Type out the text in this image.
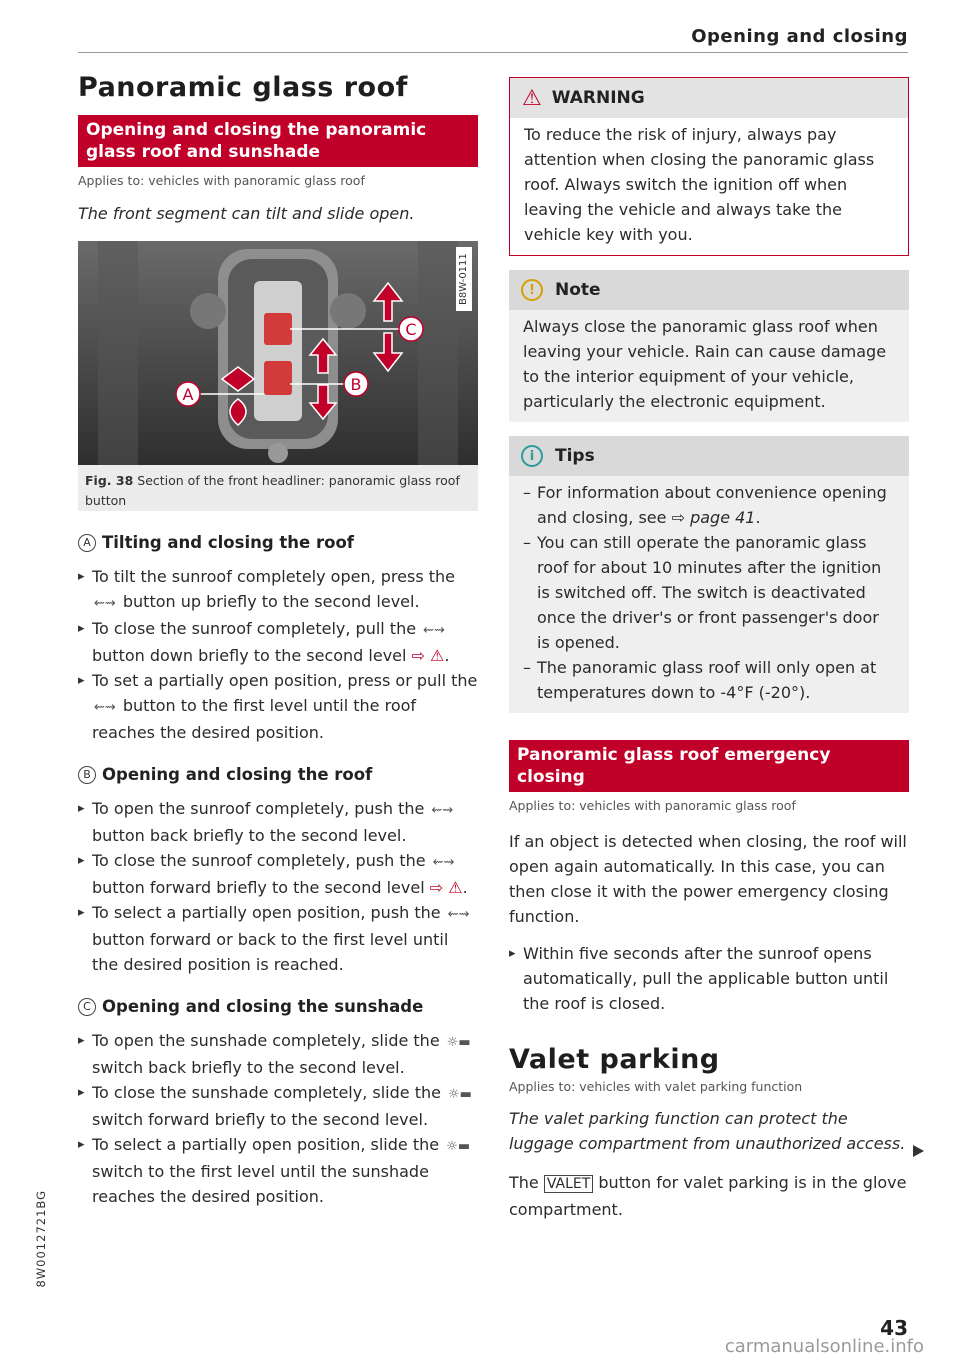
Opening and closing
Panoramic glass roof
Opening and closing the panoramic glass roof and sunshade
Applies to: vehicles with panoramic glass roof
The front segment can tilt and slide open.
C
B
A
B8W-0111
Fig. 38 Section of the front headliner: panoramic glass roof button
A Tilting and closing the roof
▸ To tilt the sunroof completely open, press the ⇜⇝ button up briefly to the second level.
▸ To close the sunroof completely, pull the ⇜⇝ button down briefly to the second level ⇨ ⚠.
▸ To set a partially open position, press or pull the ⇜⇝ button to the first level until the roof reaches the desired position.
B Opening and closing the roof
▸ To open the sunroof completely, push the ⇜⇝ button back briefly to the second level.
▸ To close the sunroof completely, push the ⇜⇝ button forward briefly to the second level ⇨ ⚠.
▸ To select a partially open position, push the ⇜⇝ button forward or back to the first level until the desired position is reached.
C Opening and closing the sunshade
▸ To open the sunshade completely, slide the ☼▬ switch back briefly to the second level.
▸ To close the sunshade completely, slide the ☼▬ switch forward briefly to the second level.
▸ To select a partially open position, slide the ☼▬ switch to the first level until the sunshade reaches the desired position.
⚠ WARNING
To reduce the risk of injury, always pay attention when closing the panoramic glass roof. Always switch the ignition off when leaving the vehicle and always take the vehicle key with you.
!	Note
Always close the panoramic glass roof when leaving your vehicle. Rain can cause damage to the interior equipment of your vehicle, particularly the electronic equipment.
i	Tips
– For information about convenience opening and closing, see ⇨ page 41.
– You can still operate the panoramic glass roof for about 10 minutes after the ignition is switched off. The switch is deactivated once the driver's or front passenger's door is opened.
– The panoramic glass roof will only open at temperatures down to -4°F (-20°).
Panoramic glass roof emergency closing
Applies to: vehicles with panoramic glass roof
If an object is detected when closing, the roof will open again automatically. In this case, you can then close it with the power emergency closing function.
▸ Within five seconds after the sunroof opens automatically, pull the applicable button until the roof is closed.
Valet parking
Applies to: vehicles with valet parking function
The valet parking function can protect the luggage compartment from unauthorized access.
The VALET button for valet parking is in the glove compartment.
8W0012721BG
43
carmanualsonline.info
